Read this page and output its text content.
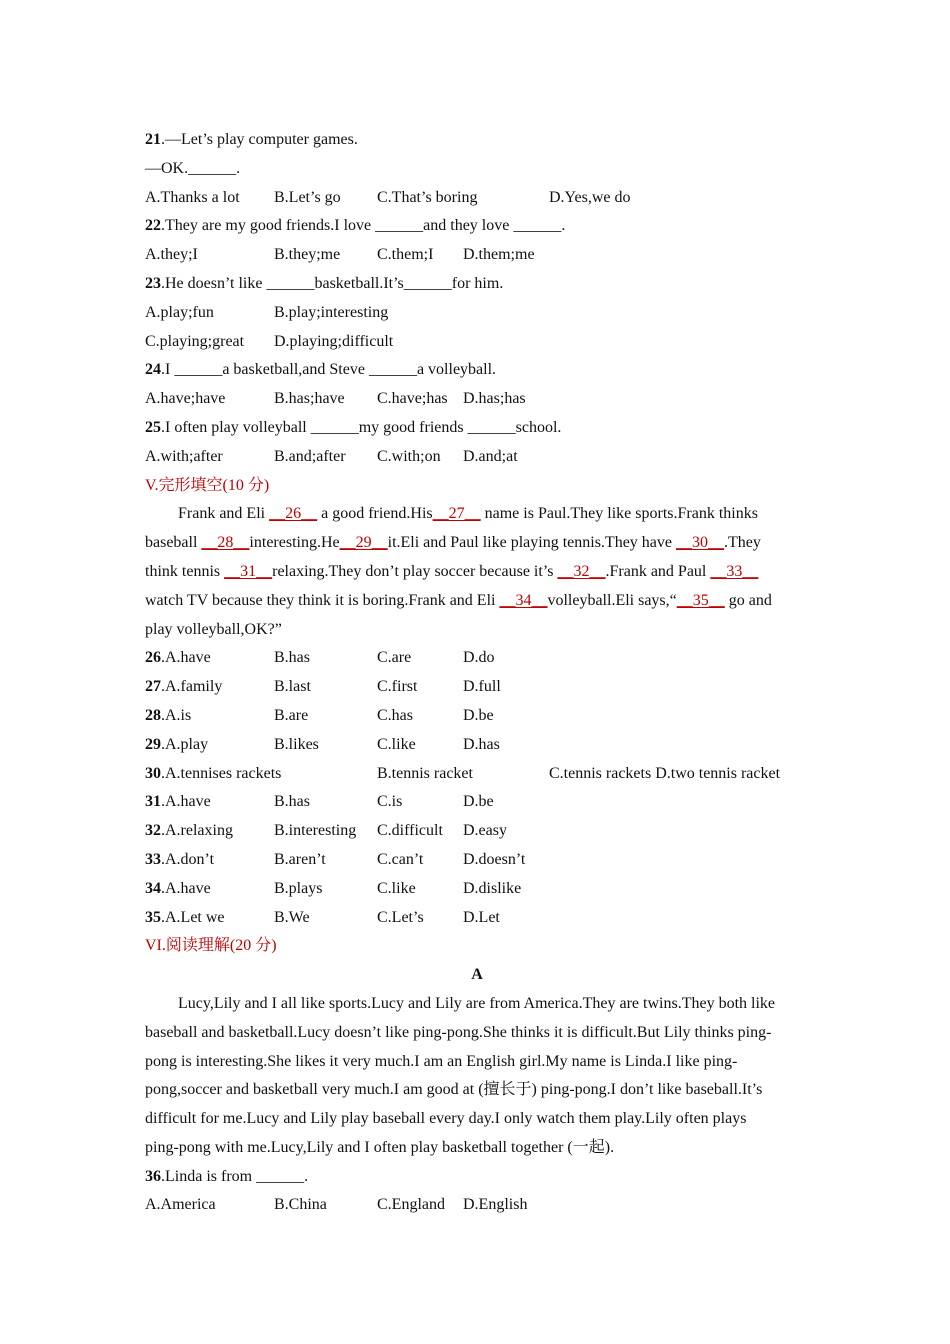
21.—Let’s play computer games.
—OK.______.
A.Thanks a lot B.Let’s go C.That’s boring	D.Yes,we do
22.They are my good friends.I love ______and they love ______.
A.they;I	B.they;me C.them;I D.them;me
23.He doesn’t like ______basketball.It’s______for him.
A.play;fun	B.play;interesting
C.playing;great D.playing;difficult
24.I ______a basketball,and Steve ______a volleyball.
A.have;have	B.has;have C.have;has D.has;has
25.I often play volleyball ______my good friends ______school.
A.with;after	B.and;after C.with;on D.and;at
V.完形填空(10 分)
Frank and Eli __26__ a good friend.His__27__ name is Paul.They like sports.Frank thinks
baseball __28__interesting.He__29__it.Eli and Paul like playing tennis.They have __30__.They
think tennis __31__relaxing.They don’t play soccer because it’s __32__.Frank and Paul __33__
watch TV because they think it is boring.Frank and Eli __34__volleyball.Eli says,“__35__ go and
play volleyball,OK?”
26.A.have	B.has	C.are	D.do
27.A.family	B.last	C.first	D.full
28.A.is	B.are	C.has	D.be
29.A.play	B.likes	C.like	D.has
30.A.tennises rackets	B.tennis racket	C.tennis rackets D.two tennis racket
31.A.have	B.has	C.is	D.be
32.A.relaxing	B.interesting C.difficult D.easy
33.A.don’t	B.aren’t	C.can’t D.doesn’t
34.A.have	B.plays	C.like	D.dislike
35.A.Let we	B.We	C.Let’s D.Let
VI.阅读理解(20 分)
A
Lucy,Lily and I all like sports.Lucy and Lily are from America.They are twins.They both like
baseball and basketball.Lucy doesn’t like ping-pong.She thinks it is difficult.But Lily thinks ping-
pong is interesting.She likes it very much.I am an English girl.My name is Linda.I like ping-
pong,soccer and basketball very much.I am good at (擅长于) ping-pong.I don’t like baseball.It’s
difficult for me.Lucy and Lily play baseball every day.I only watch them play.Lily often plays
ping-pong with me.Lucy,Lily and I often play basketball together (一起).
36.Linda is from ______.
A.America	B.China	C.England D.English
